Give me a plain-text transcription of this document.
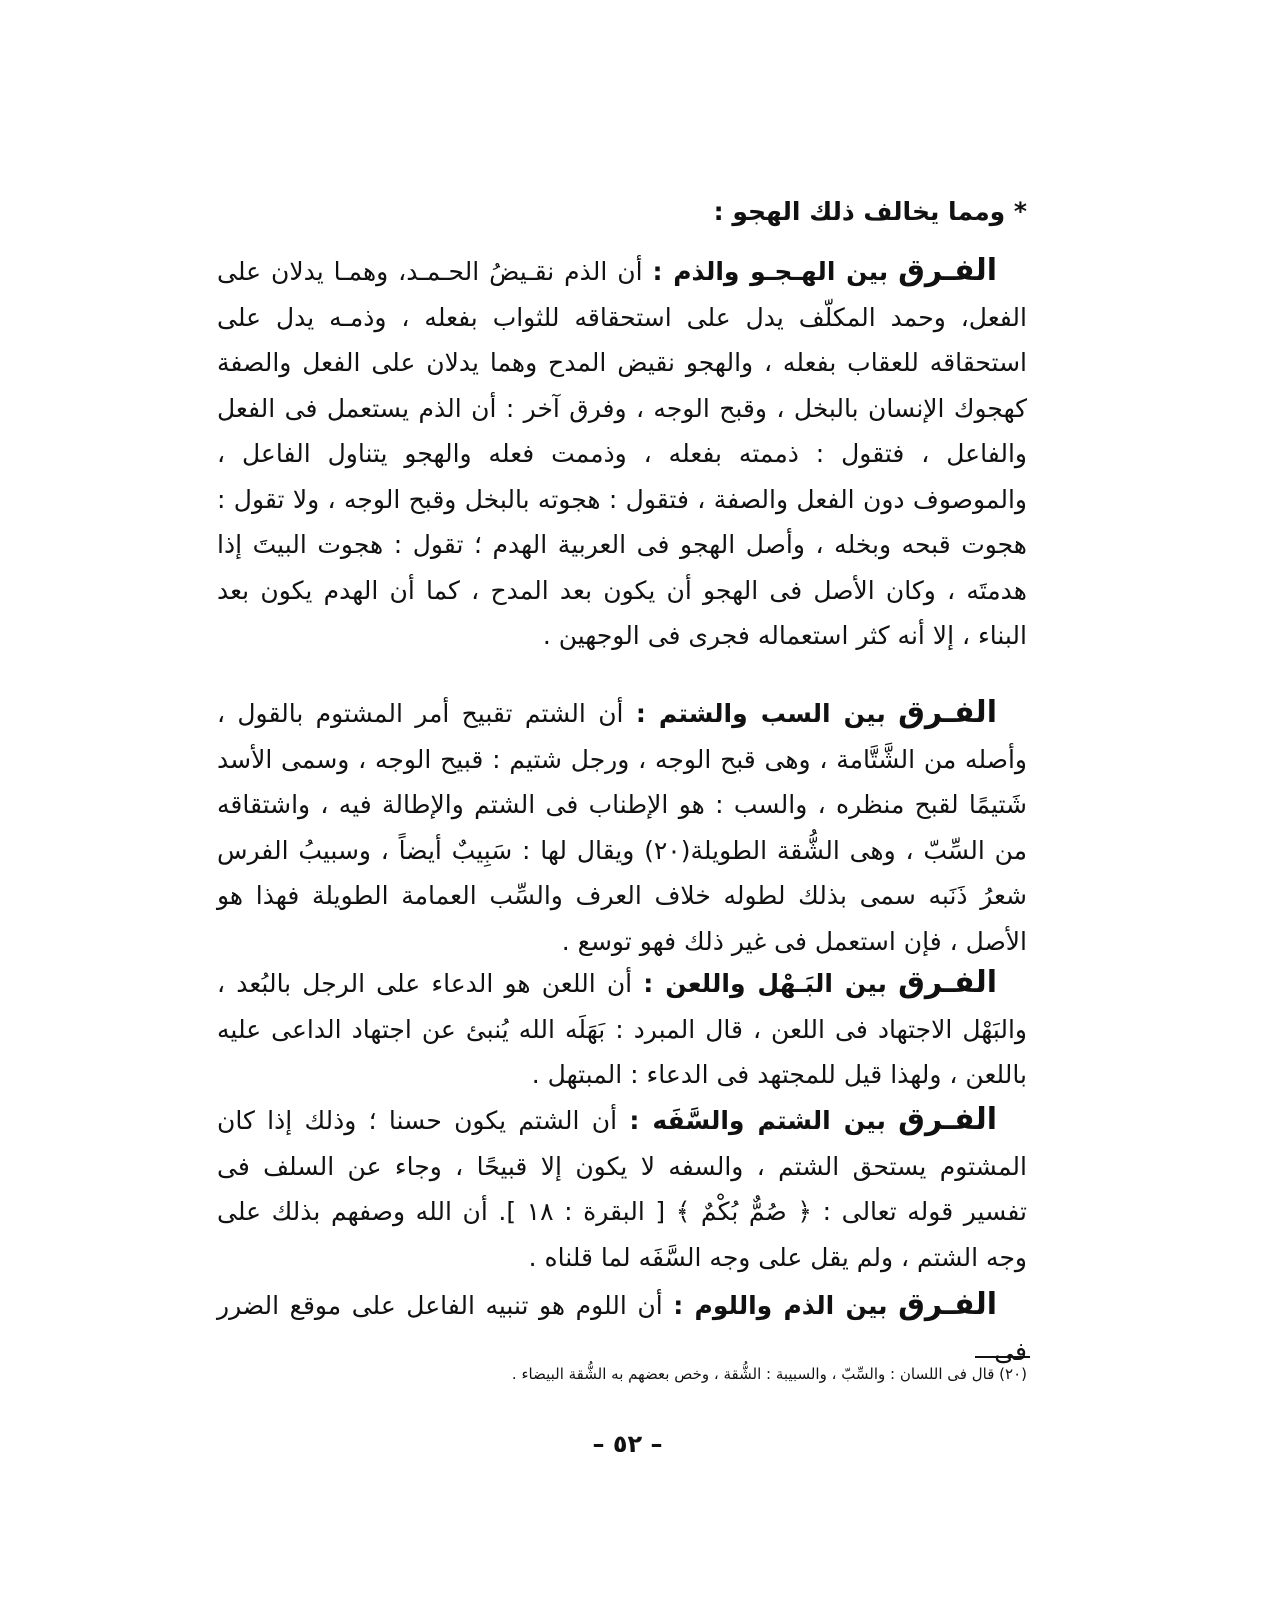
* ومما يخالف ذلك الهجو :

الفـرق بين الهـجـو والذم : أن الذم نقـيضُ الحـمـد، وهمـا يدلان على الفعل، وحمد المكلّف يدل على استحقاقه للثواب بفعله ، وذمـه يدل على استحقاقه للعقاب بفعله ، والهجو نقيض المدح وهما يدلان على الفعل والصفة كهجوك الإنسان بالبخل ، وقبح الوجه ، وفرق آخر : أن الذم يستعمل فى الفعل والفاعل ، فتقول : ذممته بفعله ، وذممت فعله والهجو يتناول الفاعل ، والموصوف دون الفعل والصفة ، فتقول : هجوته بالبخل وقبح الوجه ، ولا تقول : هجوت قبحه وبخله ، وأصل الهجو فى العربية الهدم ؛ تقول : هجوت البيتَ إذا هدمتَه ، وكان الأصل فى الهجو أن يكون بعد المدح ، كما أن الهدم يكون بعد البناء ، إلا أنه كثر استعماله فجرى فى الوجهين .

الفـرق بين السب والشتم : أن الشتم تقبيح أمر المشتوم بالقول ، وأصله من الشَّتَّامة ، وهى قبح الوجه ، ورجل شتيم : قبيح الوجه ، وسمى الأسد شَتيمًا لقبح منظره ، والسب : هو الإطناب فى الشتم والإطالة فيه ، واشتقاقه من السِّبّ ، وهى الشُّقة الطويلة(٢٠) ويقال لها : سَبِيبٌ أيضاً ، وسبيبُ الفرس شعرُ ذَنَبه سمى بذلك لطوله خلاف العرف والسِّب العمامة الطويلة فهذا هو الأصل ، فإن استعمل فى غير ذلك فهو توسع .

الفـرق بين البَـهْل واللعن : أن اللعن هو الدعاء على الرجل بالبُعد ، والبَهْل الاجتهاد فى اللعن ، قال المبرد : بَهَلَه الله يُنبئ عن اجتهاد الداعى عليه باللعن ، ولهذا قيل للمجتهد فى الدعاء : المبتهل .

الفـرق بين الشتم والسَّفَه : أن الشتم يكون حسنا ؛ وذلك إذا كان المشتوم يستحق الشتم ، والسفه لا يكون إلا قبيحًا ، وجاء عن السلف فى تفسير قوله تعالى : ﴿ صُمٌّ بُكْمٌ ﴾ [ البقرة : ١٨ ]. أن الله وصفهم بذلك على وجه الشتم ، ولم يقل على وجه السَّفَه لما قلناه .

الفـرق بين الذم واللوم : أن اللوم هو تنبيه الفاعل على موقع الضرر فى

(٢٠) قال فى اللسان : والسِّبّ ، والسبيبة : الشُّقة ، وخص بعضهم به الشُّقة البيضاء .

– ٥٢ –
